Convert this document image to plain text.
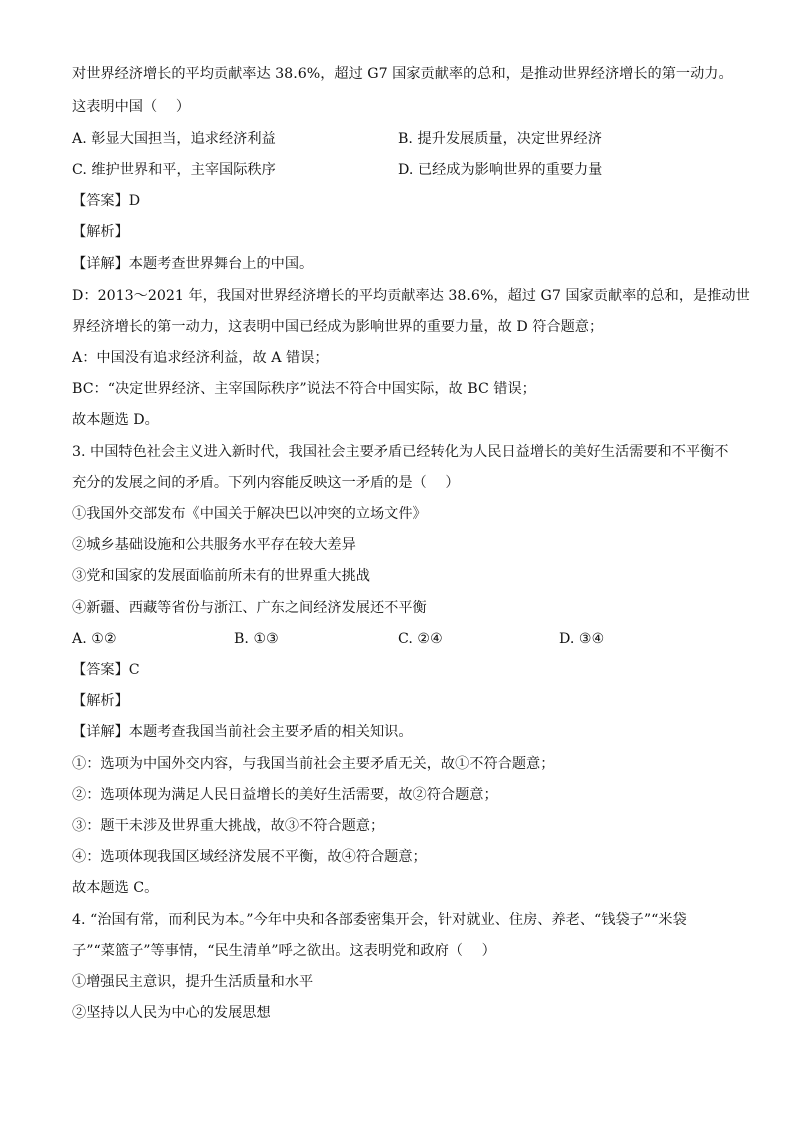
对世界经济增长的平均贡献率达 38.6%，超过 G7 国家贡献率的总和，是推动世界经济增长的第一动力。
这表明中国（　 ）
A. 彰显大国担当，追求经济利益	B. 提升发展质量，决定世界经济
C. 维护世界和平，主宰国际秩序	D. 已经成为影响世界的重要力量
【答案】D
【解析】
【详解】本题考查世界舞台上的中国。
D：2013～2021 年，我国对世界经济增长的平均贡献率达 38.6%，超过 G7 国家贡献率的总和，是推动世
界经济增长的第一动力，这表明中国已经成为影响世界的重要力量，故 D 符合题意；
A：中国没有追求经济利益，故 A 错误；
BC：“决定世界经济、主宰国际秩序”说法不符合中国实际，故 BC 错误；
故本题选 D。
3. 中国特色社会主义进入新时代，我国社会主要矛盾已经转化为人民日益增长的美好生活需要和不平衡不
充分的发展之间的矛盾。下列内容能反映这一矛盾的是（　 ）
①我国外交部发布《中国关于解决巴以冲突的立场文件》
②城乡基础设施和公共服务水平存在较大差异
③党和国家的发展面临前所未有的世界重大挑战
④新疆、西藏等省份与浙江、广东之间经济发展还不平衡
A. ①②	B. ①③	C. ②④	D. ③④
【答案】C
【解析】
【详解】本题考查我国当前社会主要矛盾的相关知识。
①：选项为中国外交内容，与我国当前社会主要矛盾无关，故①不符合题意；
②：选项体现为满足人民日益增长的美好生活需要，故②符合题意；
③：题干未涉及世界重大挑战，故③不符合题意；
④：选项体现我国区域经济发展不平衡，故④符合题意；
故本题选 C。
4. “治国有常，而利民为本。”今年中央和各部委密集开会，针对就业、住房、养老、“钱袋子”“米袋
子”“菜篮子”等事情，“民生清单”呼之欲出。这表明党和政府（　 ）
①增强民主意识，提升生活质量和水平
②坚持以人民为中心的发展思想
